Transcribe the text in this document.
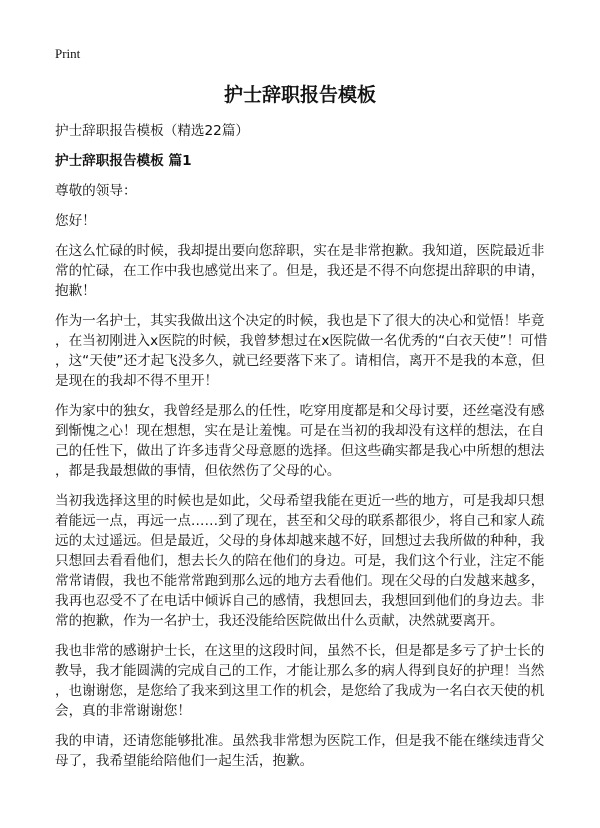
Print
护士辞职报告模板
护士辞职报告模板（精选22篇）
护士辞职报告模板 篇1
尊敬的领导：
您好！
在这么忙碌的时候，我却提出要向您辞职，实在是非常抱歉。我知道，医院最近非
常的忙碌，在工作中我也感觉出来了。但是，我还是不得不向您提出辞职的申请，
抱歉！
作为一名护士，其实我做出这个决定的时候，我也是下了很大的决心和觉悟！毕竟
，在当初刚进入x医院的时候，我曾梦想过在x医院做一名优秀的“白衣天使”！可惜
，这“天使”还才起飞没多久，就已经要落下来了。请相信，离开不是我的本意，但
是现在的我却不得不里开！
作为家中的独女，我曾经是那么的任性，吃穿用度都是和父母讨要，还丝毫没有感
到惭愧之心！现在想想，实在是让羞愧。可是在当初的我却没有这样的想法，在自
己的任性下，做出了许多违背父母意愿的选择。但这些确实都是我心中所想的想法
，都是我最想做的事情，但依然伤了父母的心。
当初我选择这里的时候也是如此，父母希望我能在更近一些的地方，可是我却只想
着能远一点，再远一点……到了现在，甚至和父母的联系都很少，将自己和家人疏
远的太过遥远。但是最近，父母的身体却越来越不好，回想过去我所做的种种，我
只想回去看看他们，想去长久的陪在他们的身边。可是，我们这个行业，注定不能
常常请假，我也不能常常跑到那么远的地方去看他们。现在父母的白发越来越多，
我再也忍受不了在电话中倾诉自己的感情，我想回去，我想回到他们的身边去。非
常的抱歉，作为一名护士，我还没能给医院做出什么贡献，决然就要离开。
我也非常的感谢护士长，在这里的这段时间，虽然不长，但是都是多亏了护士长的
教导，我才能圆满的完成自己的工作，才能让那么多的病人得到良好的护理！当然
，也谢谢您，是您给了我来到这里工作的机会，是您给了我成为一名白衣天使的机
会，真的非常谢谢您！
我的申请，还请您能够批准。虽然我非常想为医院工作，但是我不能在继续违背父
母了，我希望能给陪他们一起生活，抱歉。
